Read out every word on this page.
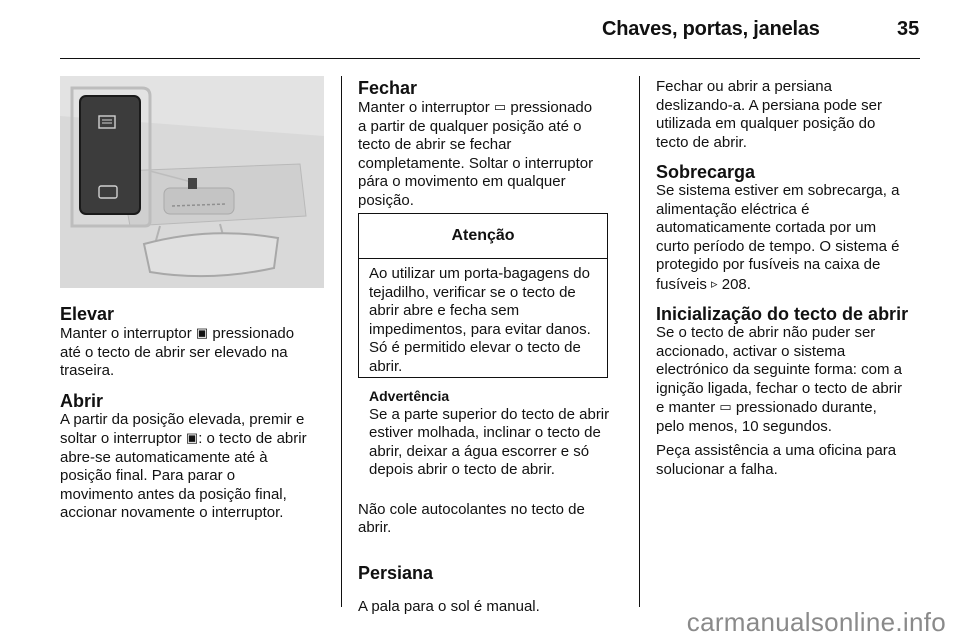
Chaves, portas, janelas	35
Elevar

Manter o interruptor ▣ pressionado
até o tecto de abrir ser elevado na
traseira.

Abrir

A partir da posição elevada, premir e
soltar o interruptor ▣: o tecto de abrir
abre-se automaticamente até à
posição final. Para parar o
movimento antes da posição final,
accionar novamente o interruptor.

Fechar

Manter o interruptor ▭ pressionado
a partir de qualquer posição até o
tecto de abrir se fechar
completamente. Soltar o interruptor
pára o movimento em qualquer
posição.

Atenção
Ao utilizar um porta-bagagens do
tejadilho, verificar se o tecto de
abrir abre e fecha sem
impedimentos, para evitar danos.
Só é permitido elevar o tecto de
abrir.
Advertência
Se a parte superior do tecto de abrir
estiver molhada, inclinar o tecto de
abrir, deixar a água escorrer e só
depois abrir o tecto de abrir.

Não cole autocolantes no tecto de
abrir.

Persiana

A pala para o sol é manual.

Fechar ou abrir a persiana
deslizando-a. A persiana pode ser
utilizada em qualquer posição do
tecto de abrir.

Sobrecarga

Se sistema estiver em sobrecarga, a
alimentação eléctrica é
automaticamente cortada por um
curto período de tempo. O sistema é
protegido por fusíveis na caixa de
fusíveis ▹ 208.

Inicialização do tecto de abrir

Se o tecto de abrir não puder ser
accionado, activar o sistema
electrónico da seguinte forma: com a
ignição ligada, fechar o tecto de abrir
e manter ▭ pressionado durante,
pelo menos, 10 segundos.

Peça assistência a uma oficina para
solucionar a falha.

carmanualsonline.info
